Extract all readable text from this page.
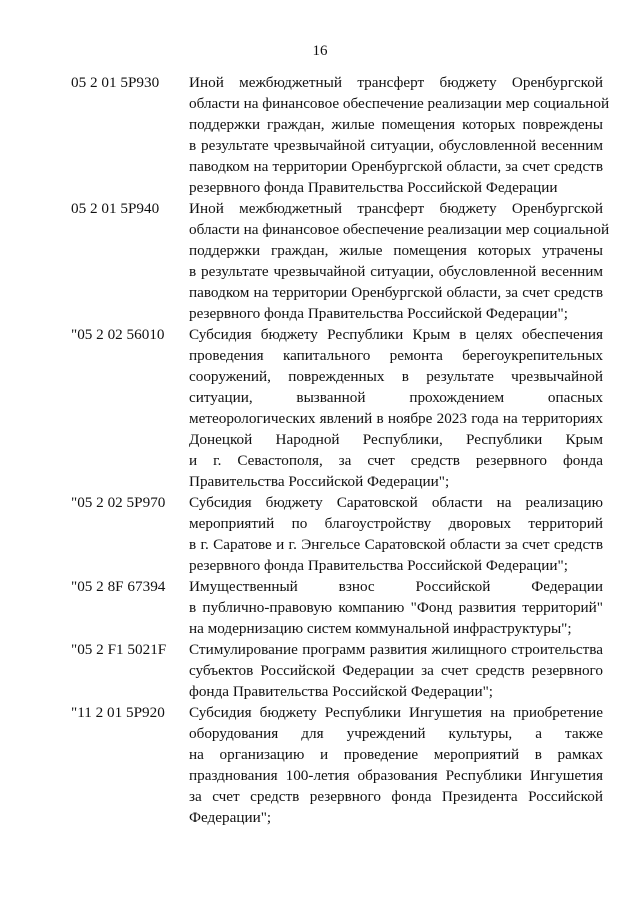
16
05 2 01 5Р930 Иной межбюджетный трансферт бюджету Оренбургской
области на финансовое обеспечение реализации мер социальной
поддержки граждан, жилые помещения которых повреждены
в результате чрезвычайной ситуации, обусловленной весенним
паводком на территории Оренбургской области, за счет средств
резервного фонда Правительства Российской Федерации
05 2 01 5Р940 Иной межбюджетный трансферт бюджету Оренбургской
области на финансовое обеспечение реализации мер социальной
поддержки граждан, жилые помещения которых утрачены
в результате чрезвычайной ситуации, обусловленной весенним
паводком на территории Оренбургской области, за счет средств
резервного фонда Правительства Российской Федерации";
"05 2 02 56010 Субсидия бюджету Республики Крым в целях обеспечения
проведения капитального ремонта берегоукрепительных
сооружений, поврежденных в результате чрезвычайной
ситуации, вызванной прохождением опасных
метеорологических явлений в ноябре 2023 года на территориях
Донецкой Народной Республики, Республики Крым
и г. Севастополя, за счет средств резервного фонда
Правительства Российской Федерации";
"05 2 02 5Р970 Субсидия бюджету Саратовской области на реализацию
мероприятий по благоустройству дворовых территорий
в г. Саратове и г. Энгельсе Саратовской области за счет средств
резервного фонда Правительства Российской Федерации";
"05 2 8F 67394 Имущественный взнос Российской Федерации
в публично-правовую компанию "Фонд развития территорий"
на модернизацию систем коммунальной инфраструктуры";
"05 2 F1 5021F Стимулирование программ развития жилищного строительства
субъектов Российской Федерации за счет средств резервного
фонда Правительства Российской Федерации";
"11 2 01 5Р920 Субсидия бюджету Республики Ингушетия на приобретение
оборудования для учреждений культуры, а также
на организацию и проведение мероприятий в рамках
празднования 100-летия образования Республики Ингушетия
за счет средств резервного фонда Президента Российской
Федерации";
